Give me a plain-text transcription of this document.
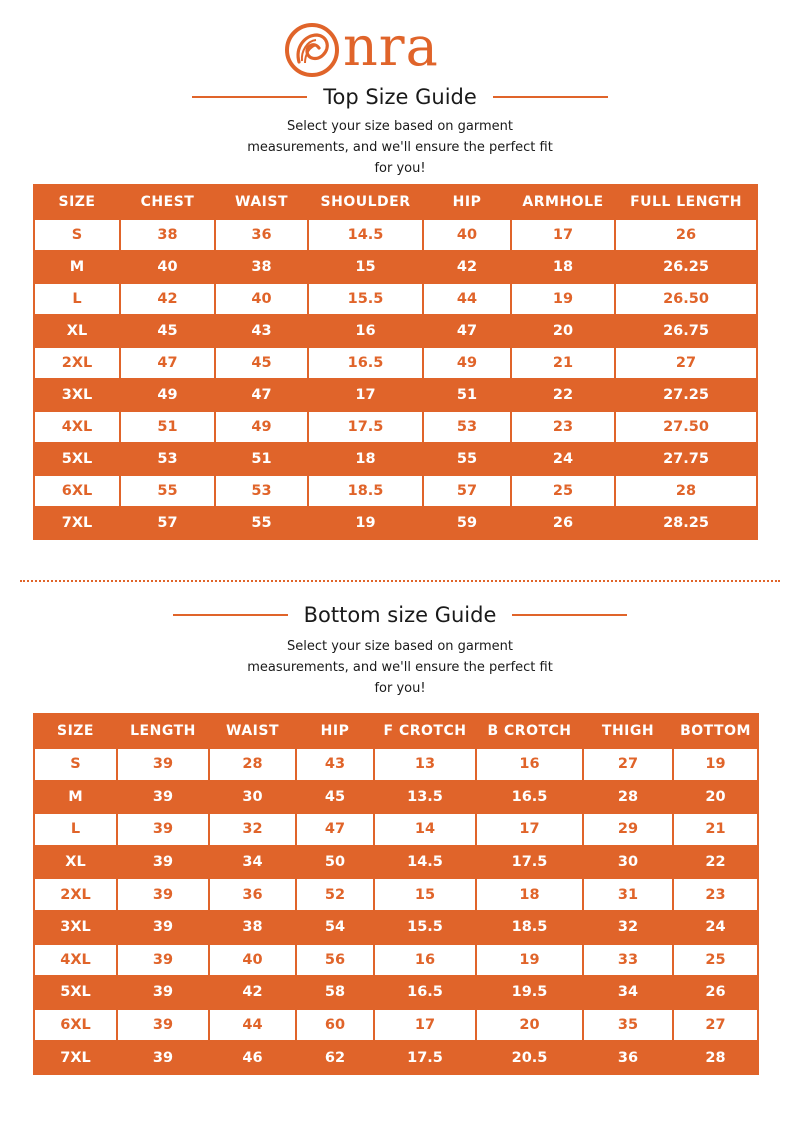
nra
Top Size Guide
Select your size based on garment
measurements, and we'll ensure the perfect fit
for you!
SIZE	CHEST	WAIST	SHOULDER	HIP	ARMHOLE	FULL LENGTH
S	38	36	14.5	40	17	26
M	40	38	15	42	18	26.25
L	42	40	15.5	44	19	26.50
XL	45	43	16	47	20	26.75
2XL	47	45	16.5	49	21	27
3XL	49	47	17	51	22	27.25
4XL	51	49	17.5	53	23	27.50
5XL	53	51	18	55	24	27.75
6XL	55	53	18.5	57	25	28
7XL	57	55	19	59	26	28.25
Bottom size Guide
Select your size based on garment
measurements, and we'll ensure the perfect fit
for you!
SIZE	LENGTH	WAIST	HIP	F CROTCH	B CROTCH	THIGH	BOTTOM
S	39	28	43	13	16	27	19
M	39	30	45	13.5	16.5	28	20
L	39	32	47	14	17	29	21
XL	39	34	50	14.5	17.5	30	22
2XL	39	36	52	15	18	31	23
3XL	39	38	54	15.5	18.5	32	24
4XL	39	40	56	16	19	33	25
5XL	39	42	58	16.5	19.5	34	26
6XL	39	44	60	17	20	35	27
7XL	39	46	62	17.5	20.5	36	28
